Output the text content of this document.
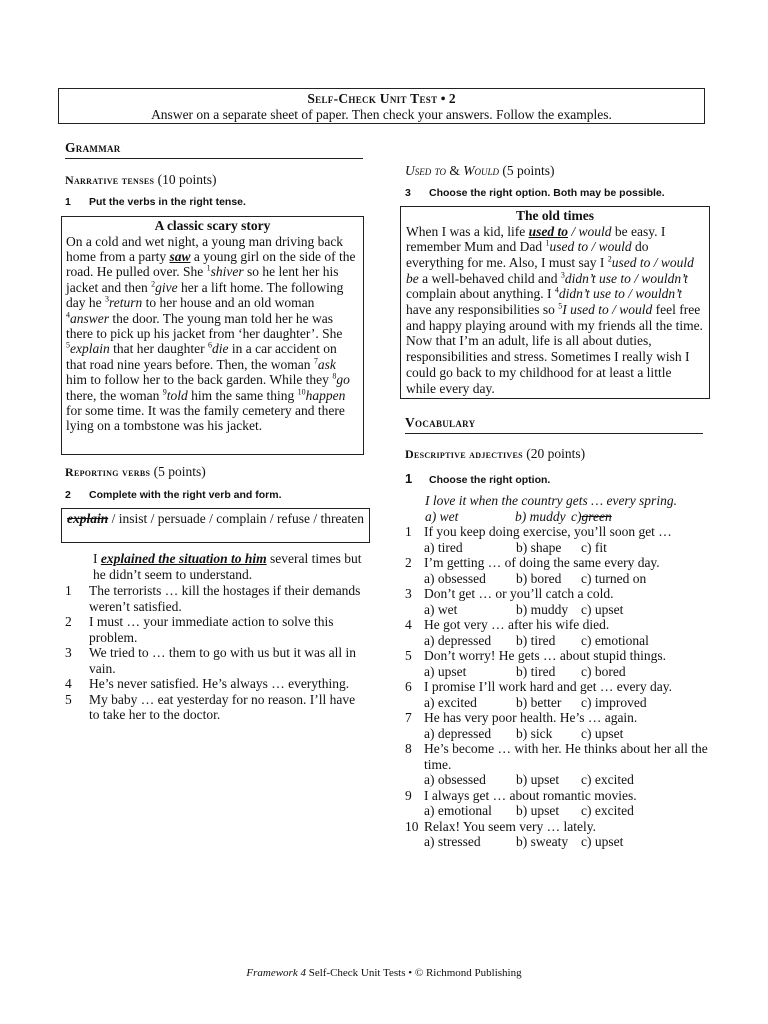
Self-Check Unit Test • 2
Answer on a separate sheet of paper. Then check your answers. Follow the examples.
Grammar
Narrative tenses (10 points)
1 Put the verbs in the right tense.
A classic scary story
On a cold and wet night, a young man driving back home from a party saw a young girl on the side of the road. He pulled over. She $^1$shiver so he lent her his jacket and then $^2$give her a lift home. The following day he $^3$return to her house and an old woman $^4$answer the door. The young man told her he was there to pick up his jacket from ‘her daughter’. She $^5$explain that her daughter $^6$die in a car accident on that road nine years before. Then, the woman $^7$ask him to follow her to the back garden. While they $^8$go there, the woman $^9$told him the same thing $^{10}$happen for some time. It was the family cemetery and there lying on a tombstone was his jacket.
Reporting verbs (5 points)
2 Complete with the right verb and form.
explain / insist / persuade / complain / refuse / threaten
I explained the situation to him several times but he didn’t seem to understand.
1 The terrorists … kill the hostages if their demands weren’t satisfied.
2 I must … your immediate action to solve this problem.
3 We tried to … them to go with us but it was all in vain.
4 He’s never satisfied. He’s always … everything.
5 My baby … eat yesterday for no reason. I’ll have to take her to the doctor.
Used to & Would (5 points)
3 Choose the right option. Both may be possible.
The old times
When I was a kid, life used to / would be easy. I remember Mum and Dad $^1$used to / would do everything for me. Also, I must say I $^2$used to / would be a well-behaved child and $^3$didn’t use to / wouldn’t complain about anything. I $^4$didn’t use to / wouldn’t have any responsibilities so $^5$I used to / would feel free and happy playing around with my friends all the time. Now that I’m an adult, life is all about duties, responsibilities and stress. Sometimes I really wish I could go back to my childhood for at least a little while every day.
Vocabulary
Descriptive adjectives (20 points)
1 Choose the right option.
I love it when the country gets … every spring.
a) wet	b) muddy c)green
1 If you keep doing exercise, you’ll soon get …
a) tired	b) shape c) fit
2 I’m getting … of doing the same every day.
a) obsessed b) bored c) turned on
3 Don’t get … or you’ll catch a cold.
a) wet	b) muddy c) upset
4 He got very … after his wife died.
a) depressed b) tired c) emotional
5 Don’t worry! He gets … about stupid things.
a) upset	b) tired c) bored
6 I promise I’ll work hard and get … every day.
a) excited	b) better c) improved
7 He has very poor health. He’s … again.
a) depressed b) sick c) upset
8 He’s become … with her. He thinks about her all the time.
a) obsessed b) upset c) excited
9 I always get … about romantic movies.
a) emotional b) upset c) excited
10 Relax! You seem very … lately.
a) stressed	b) sweaty c) upset
Framework 4 Self-Check Unit Tests • © Richmond Publishing
